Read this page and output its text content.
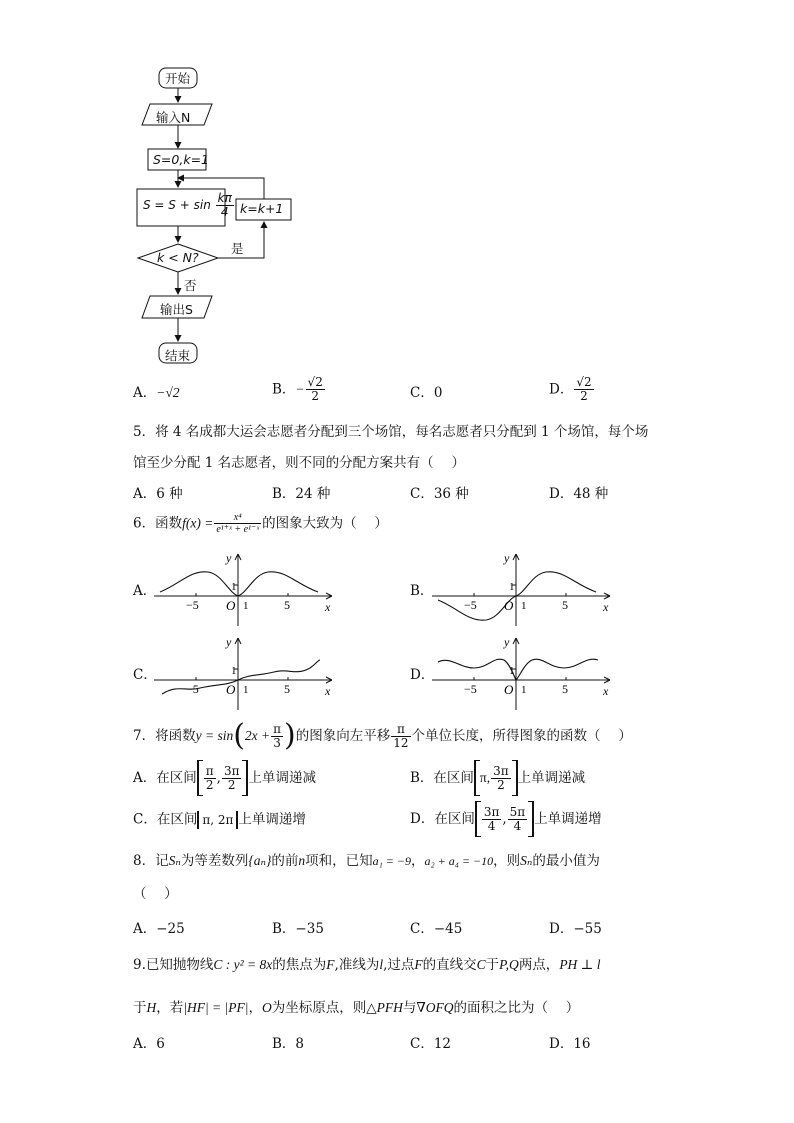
开始
输入N
S=0,k=1
$S = S + \sin \frac{k\pi}{4} k=k+1$
k < N?
是
否
输出S
结束
A．−√2	B．− $\frac{√2}{2}$	C．0	D． $\frac{√2}{2}$
5．将 4 名成都大运会志愿者分配到三个场馆，每名志愿者只分配到 1 个场馆，每个场
馆至少分配 1 名志愿者，则不同的分配方案共有（　 ）
A．6 种	B．24 种	C．36 种	D．48 种
6．函数$f(x) = \frac{\text{x⁴}}{\text{e¹⁺ˣ + e¹⁻ˣ}}$ 的图象大致为（　 ）
A．	B．
C．	D．
y
x
1
−5	5
1
O
y
x
1
−5	5
1
O
y
x
1
−5	5
1
O
y
x
1
−5	5
1
O
7．将函数$y = \sin(2x + \frac{\pi}{3}$ )的图象向左平移 $\frac{\pi}{12}$ 个单位长度，所得图象的函数（　 ）
A．在区间 $\frac{\pi}{2}$ , $\frac{3\pi}{2}$ 上单调递减	B．在区间 π, $\frac{3\pi}{2}$ 上单调递减
C．在区间 π, 2π 上单调递增	D．在区间 $\frac{3\pi}{4}$ , $\frac{5\pi}{4}$ 上单调递增
8．记Sₙ为等差数列{aₙ}的前n项和，已知a₁ = −9，a₂ + a₄ = −10，则Sₙ的最小值为
（　 ）
A．−25	B．−35	C．−45	D．−55
9.已知抛物线C : y² = 8x的焦点为F,准线为l,过点F的直线交C于P,Q两点，PH ⊥ l
于H，若|HF| = |PF|，O为坐标原点，则△PFH与∇OFQ的面积之比为（　 ）
A．6	B．8	C．12	D．16
